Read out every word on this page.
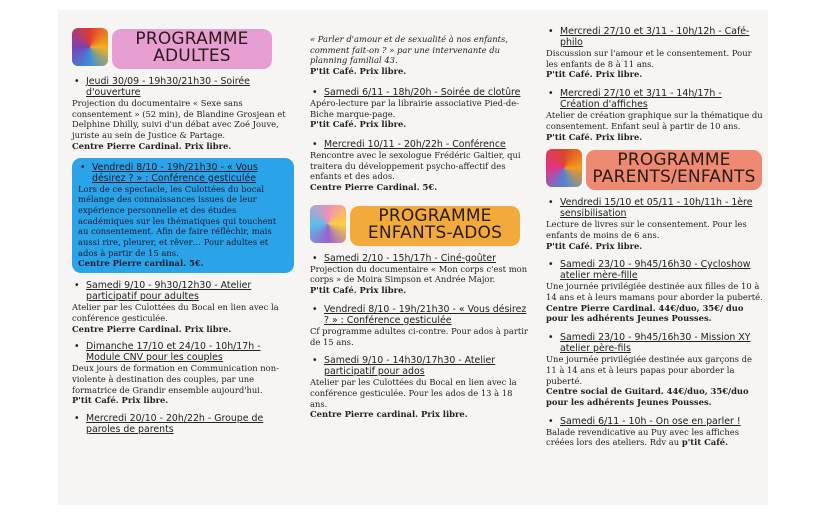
PROGRAMME
ADULTES
• Jeudi 30/09 - 19h30/21h30 - Soirée d'ouverture
Projection du documentaire « Sexe sans consentement » (52 min), de Blandine Grosjean et Delphine Dhilly, suivi d'un débat avec Zoé Jouve, juriste au sein de Justice & Partage.
Centre Pierre Cardinal. Prix libre.
• Vendredi 8/10 - 19h/21h30 - « Vous désirez ? » : Conférence gesticulée
Lors de ce spectacle, les Culottées du bocal mélange des connaissances issues de leur expérience personnelle et des études académiques sur les thématiques qui touchent au consentement. Afin de faire réfléchir, mais aussi rire, pleurer, et rêver… Pour adultes et ados à partir de 15 ans.
Centre Pierre cardinal. 5€.
• Samedi 9/10 - 9h30/12h30 - Atelier participatif pour adultes
Atelier par les Culottées du Bocal en lien avec la conférence gesticulée.
Centre Pierre Cardinal. Prix libre.
• Dimanche 17/10 et 24/10 - 10h/17h - Module CNV pour les couples
Deux jours de formation en Communication non-violente à destination des couples, par une formatrice de Grandir ensemble aujourd'hui.
P'tit Café. Prix libre.
• Mercredi 20/10 - 20h/22h - Groupe de paroles de parents
« Parler d'amour et de sexualité à nos enfants, comment fait-on ? » par une intervenante du planning familial 43.
P'tit Café. Prix libre.
• Samedi 6/11 - 18h/20h - Soirée de clotûre
Apéro-lecture par la librairie associative Pied-de-Biche marque-page.
P'tit Café. Prix libre.
• Mercredi 10/11 - 20h/22h - Conférence
Rencontre avec le sexologue Frédéric Galtier, qui traitera du développement psycho-affectif des enfants et des ados.
Centre Pierre Cardinal. 5€.
PROGRAMME
ENFANTS-ADOS
• Samedi 2/10 - 15h/17h - Ciné-goûter
Projection du documentaire « Mon corps c'est mon corps » de Moira Simpson et Andrée Major.
P'tit Café. Prix libre.
• Vendredi 8/10 - 19h/21h30 - « Vous désirez ? » : Conférence gesticulée
Cf programme adultes ci-contre. Pour ados à partir de 15 ans.
• Samedi 9/10 - 14h30/17h30 - Atelier participatif pour ados
Atelier par les Culottées du Bocal en lien avec la conférence gesticulée. Pour les ados de 13 à 18 ans.
Centre Pierre cardinal. Prix libre.
• Mercredi 27/10 et 3/11 - 10h/12h - Café-philo
Discussion sur l'amour et le consentement. Pour les enfants de 8 à 11 ans.
P'tit Café. Prix libre.
• Mercredi 27/10 et 3/11 - 14h/17h - Création d'affiches
Atelier de création graphique sur la thématique du consentement. Enfant seul à partir de 10 ans.
P'tit Café. Prix libre.
PROGRAMME
PARENTS/ENFANTS
• Vendredi 15/10 et 05/11 - 10h/11h - 1ère sensibilisation
Lecture de livres sur le consentement. Pour les enfants de moins de 6 ans.
P'tit Café. Prix libre.
• Samedi 23/10 - 9h45/16h30 - Cycloshow atelier mère-fille
Une journée privilégiée destinée aux filles de 10 à 14 ans et à leurs mamans pour aborder la puberté.
Centre Pierre Cardinal. 44€/duo, 35€/ duo pour les adhérents Jeunes Pousses.
• Samedi 23/10 - 9h45/16h30 - Mission XY atelier père-fils
Une journée privilégiée destinée aux garçons de 11 à 14 ans et à leurs papas pour aborder la puberté.
Centre social de Guitard. 44€/duo, 35€/duo pour les adhérents Jeunes Pousses.
• Samedi 6/11 - 10h - On ose en parler !
Balade revendicative au Puy avec les affiches créées lors des ateliers. Rdv au p'tit Café.
